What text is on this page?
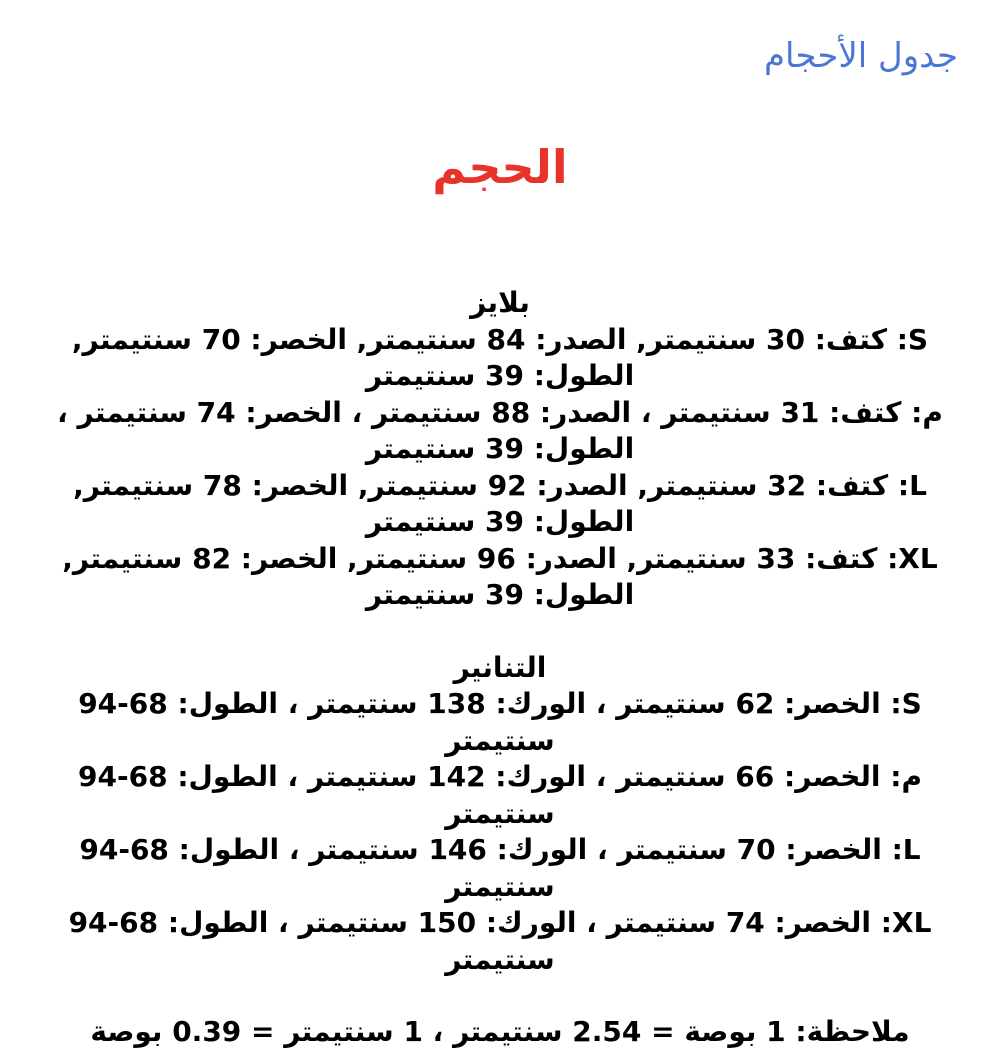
جدول الأحجام
الحجم
بلايز
S: كتف: 30 سنتيمتر, الصدر: 84 سنتيمتر, الخصر: 70 سنتيمتر, الطول: 39 سنتيمتر
م: كتف: 31 سنتيمتر ، الصدر: 88 سنتيمتر ، الخصر: 74 سنتيمتر ، الطول: 39 سنتيمتر
L: كتف: 32 سنتيمتر, الصدر: 92 سنتيمتر, الخصر: 78 سنتيمتر, الطول: 39 سنتيمتر
XL: كتف: 33 سنتيمتر, الصدر: 96 سنتيمتر, الخصر: 82 سنتيمتر, الطول: 39 سنتيمتر
التنانير
S: الخصر: 62 سنتيمتر ، الورك: 138 سنتيمتر ، الطول: 68-94 سنتيمتر
م: الخصر: 66 سنتيمتر ، الورك: 142 سنتيمتر ، الطول: 68-94 سنتيمتر
L: الخصر: 70 سنتيمتر ، الورك: 146 سنتيمتر ، الطول: 68-94 سنتيمتر
XL: الخصر: 74 سنتيمتر ، الورك: 150 سنتيمتر ، الطول: 68-94 سنتيمتر
ملاحظة: 1 بوصة = 2.54 سنتيمتر ، 1 سنتيمتر = 0.39 بوصة
